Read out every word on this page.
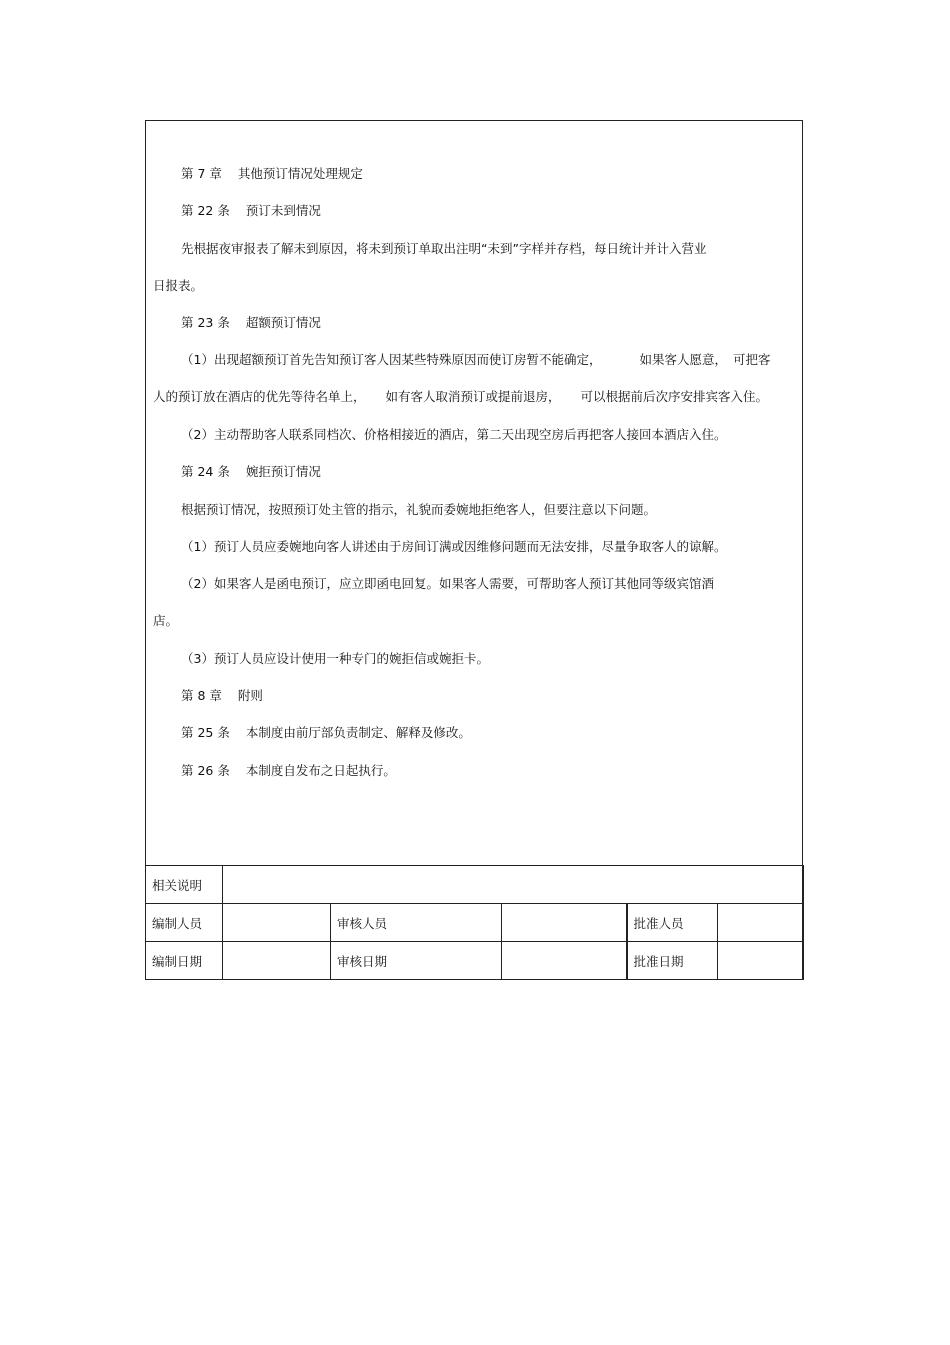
第 7 章 其他预订情况处理规定
第 22 条 预订未到情况
先根据夜审报表了解未到原因，将未到预订单取出注明“未到”字样并存档，每日统计并计入营业
日报表。
第 23 条 超额预订情况
（1）出现超额预订首先告知预订客人因某些特殊原因而使订房暂不能确定，	如果客人愿意， 可把客
人的预订放在酒店的优先等待名单上， 如有客人取消预订或提前退房， 可以根据前后次序安排宾客入住。
（2）主动帮助客人联系同档次、价格相接近的酒店，第二天出现空房后再把客人接回本酒店入住。
第 24 条 婉拒预订情况
根据预订情况，按照预订处主管的指示，礼貌而委婉地拒绝客人，但要注意以下问题。
（1）预订人员应委婉地向客人讲述由于房间订满或因维修问题而无法安排，尽量争取客人的谅解。
（2）如果客人是函电预订，应立即函电回复。如果客人需要，可帮助客人预订其他同等级宾馆酒
店。
（3）预订人员应设计使用一种专门的婉拒信或婉拒卡。
第 8 章 附则
第 25 条 本制度由前厅部负责制定、解释及修改。
第 26 条 本制度自发布之日起执行。
相关说明					
编制人员		审核人员		批准人员	
编制日期		审核日期		批准日期	
